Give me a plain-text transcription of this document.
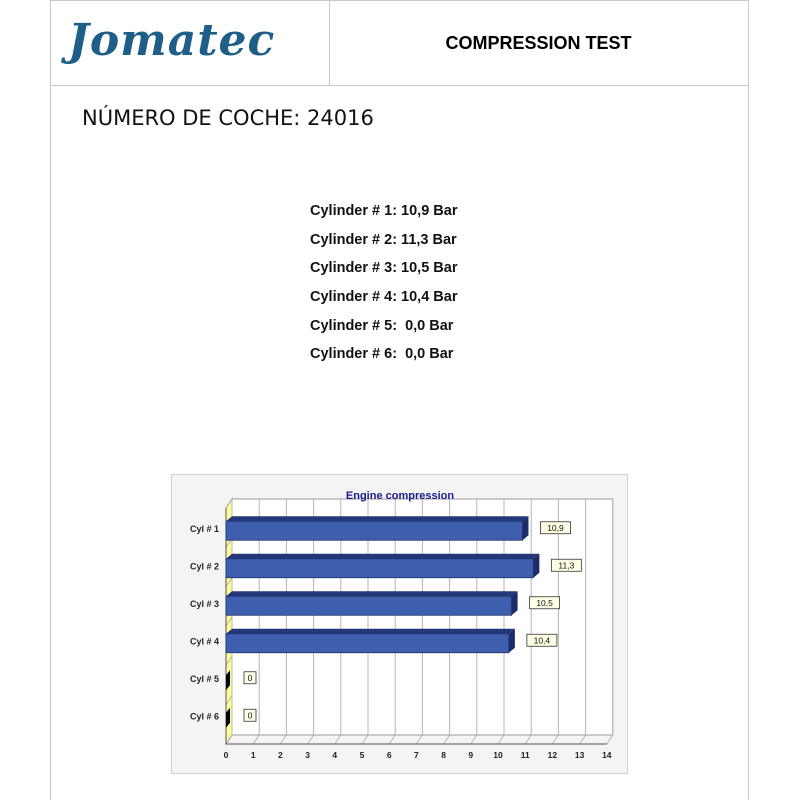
Jomatec	COMPRESSION TEST
NÚMERO DE COCHE: 24016
Cylinder # 1: 10,9 Bar
Cylinder # 2: 11,3 Bar
Cylinder # 3: 10,5 Bar
Cylinder # 4: 10,4 Bar
Cylinder # 5:  0,0 Bar
Cylinder # 6:  0,0 Bar
0	1	2	3	4	5	6	7	8	9 10 11 12 13 14
Engine compression
Cyl # 1	10,9
Cyl # 2	11,3
Cyl # 3	10,5
Cyl # 4	10,4
Cyl # 5	0
Cyl # 6	0
